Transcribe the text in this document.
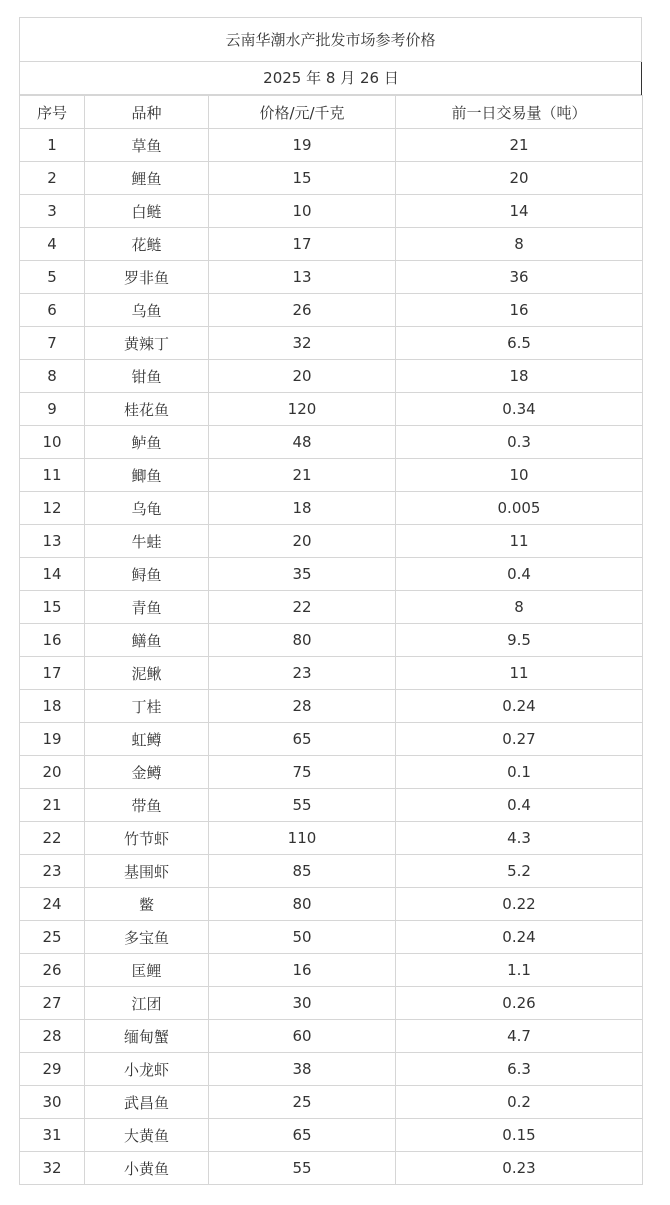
云南华潮水产批发市场参考价格
2025 年 8 月 26 日
序号	品种	价格/元/千克	前一日交易量（吨）
1	草鱼	19	21
2	鲤鱼	15	20
3	白鲢	10	14
4	花鲢	17	8
5	罗非鱼	13	36
6	乌鱼	26	16
7	黄辣丁	32	6.5
8	钳鱼	20	18
9	桂花鱼	120	0.34
10	鲈鱼	48	0.3
11	鲫鱼	21	10
12	乌龟	18	0.005
13	牛蛙	20	11
14	鲟鱼	35	0.4
15	青鱼	22	8
16	鳝鱼	80	9.5
17	泥鳅	23	11
18	丁桂	28	0.24
19	虹鳟	65	0.27
20	金鳟	75	0.1
21	带鱼	55	0.4
22	竹节虾	110	4.3
23	基围虾	85	5.2
24	鳖	80	0.22
25	多宝鱼	50	0.24
26	匡鲤	16	1.1
27	江团	30	0.26
28	缅甸蟹	60	4.7
29	小龙虾	38	6.3
30	武昌鱼	25	0.2
31	大黄鱼	65	0.15
32	小黄鱼	55	0.23
